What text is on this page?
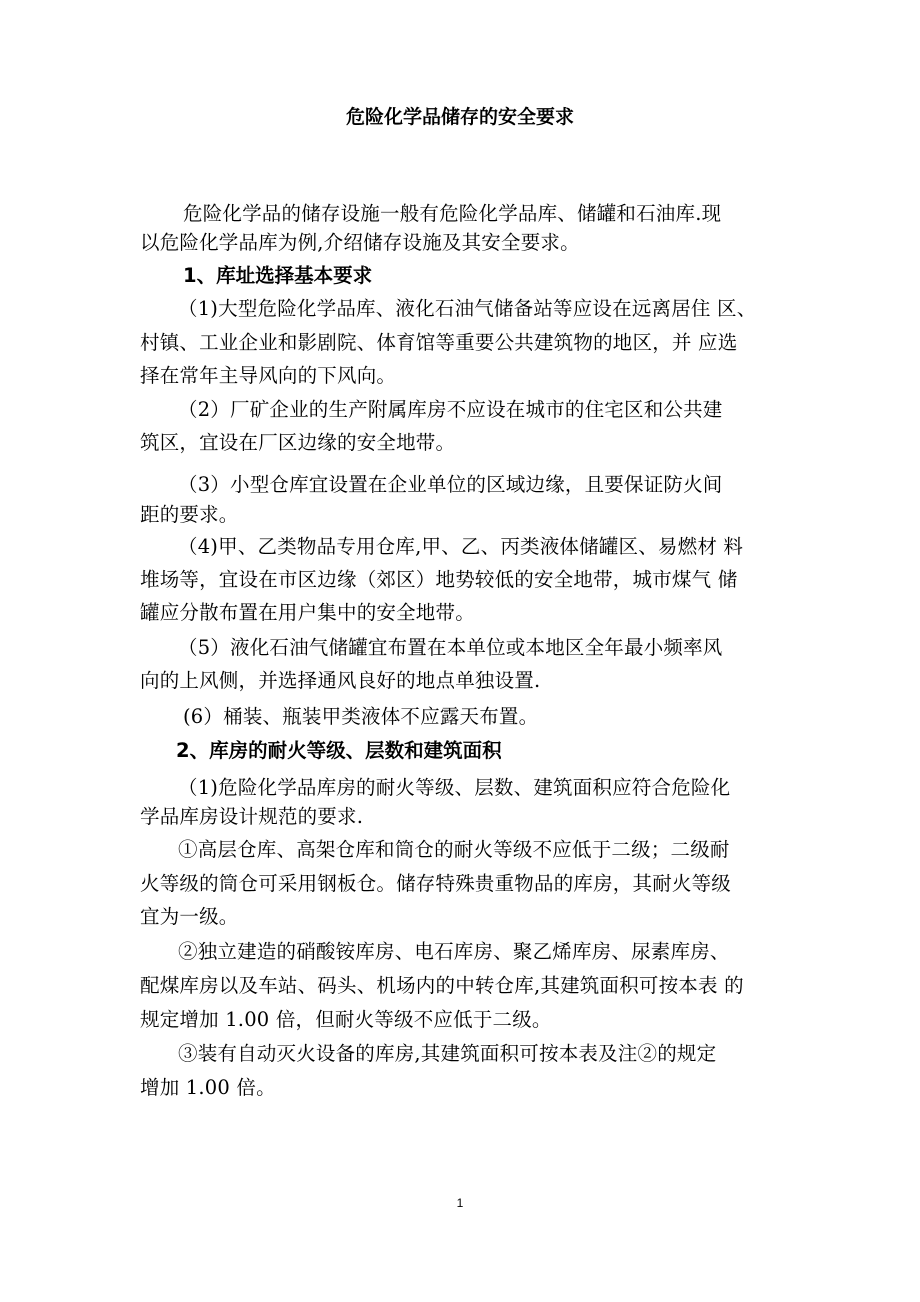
危险化学品储存的安全要求
危险化学品的储存设施一般有危险化学品库、储罐和石油库.现
以危险化学品库为例,介绍储存设施及其安全要求。
1、库址选择基本要求
（1)大型危险化学品库、液化石油气储备站等应设在远离居住 区、
村镇、工业企业和影剧院、体育馆等重要公共建筑物的地区，并 应选
择在常年主导风向的下风向。
（2）厂矿企业的生产附属库房不应设在城市的住宅区和公共建
筑区，宜设在厂区边缘的安全地带。
（3）小型仓库宜设置在企业单位的区域边缘，且要保证防火间
距的要求。
（4)甲、乙类物品专用仓库,甲、乙、丙类液体储罐区、易燃材 料
堆场等，宜设在市区边缘（郊区）地势较低的安全地带，城市煤气 储
罐应分散布置在用户集中的安全地带。
（5）液化石油气储罐宜布置在本单位或本地区全年最小频率风
向的上风侧，并选择通风良好的地点单独设置.
(6）桶装、瓶装甲类液体不应露天布置。
2、库房的耐火等级、层数和建筑面积
（1)危险化学品库房的耐火等级、层数、建筑面积应符合危险化
学品库房设计规范的要求.
①高层仓库、高架仓库和筒仓的耐火等级不应低于二级；二级耐
火等级的筒仓可采用钢板仓。储存特殊贵重物品的库房，其耐火等级
宜为一级。
②独立建造的硝酸铵库房、电石库房、聚乙烯库房、尿素库房、
配煤库房以及车站、码头、机场内的中转仓库,其建筑面积可按本表 的
规定增加 1.00 倍，但耐火等级不应低于二级。
③装有自动灭火设备的库房,其建筑面积可按本表及注②的规定
增加 1.00 倍。
1
